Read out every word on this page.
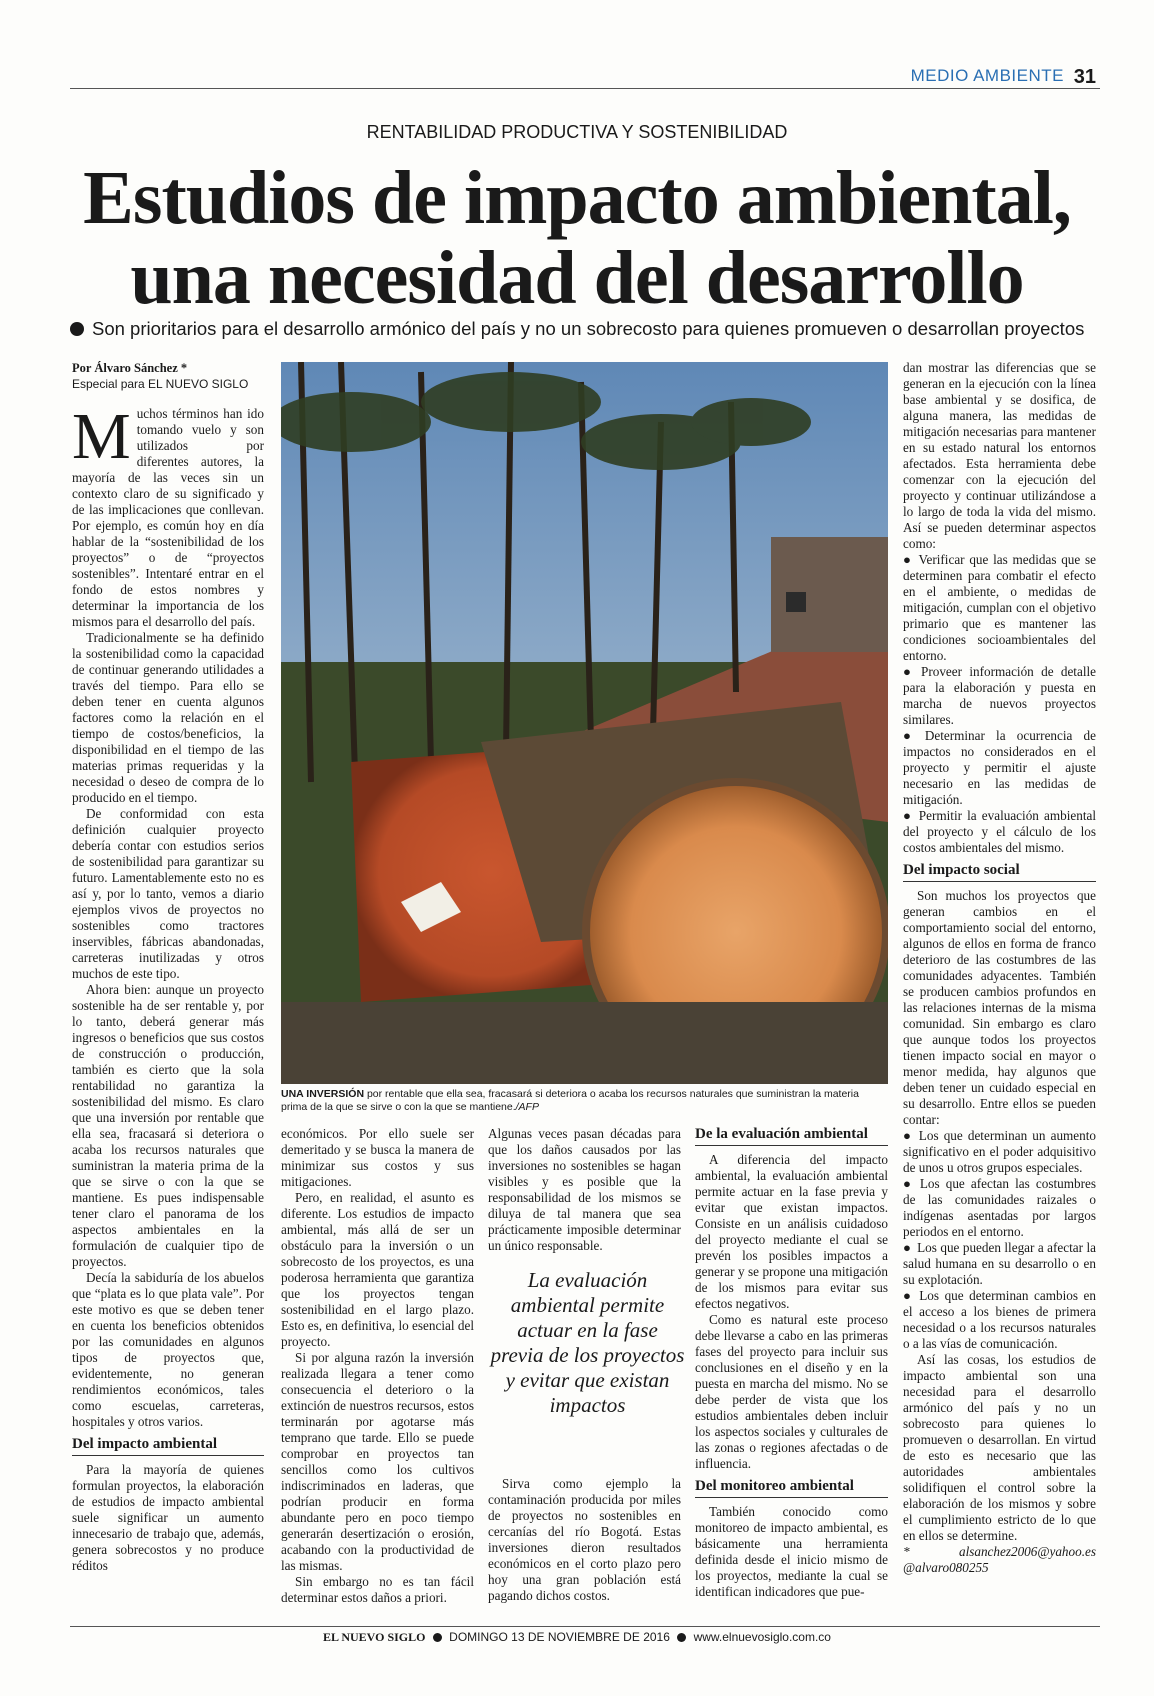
MEDIO AMBIENTE 31
RENTABILIDAD PRODUCTIVA Y SOSTENIBILIDAD
Estudios de impacto ambiental,
una necesidad del desarrollo
Son prioritarios para el desarrollo armónico del país y no un sobrecosto para quienes promueven o desarrollan proyectos
Por Álvaro Sánchez *
Especial para EL NUEVO SIGLO
M uchos términos han ido tomando vuelo y son utilizados por diferentes autores, la mayoría de las veces sin un contexto claro de su significado y de las implicaciones que conllevan. Por ejemplo, es común hoy en día hablar de la “sostenibilidad de los proyectos” o de “proyectos sostenibles”. Intentaré entrar en el fondo de estos nombres y determinar la importancia de los mismos para el desarrollo del país.

Tradicionalmente se ha definido la sostenibilidad como la capacidad de continuar generando utilidades a través del tiempo. Para ello se deben tener en cuenta algunos factores como la relación en el tiempo de costos/beneficios, la disponibilidad en el tiempo de las materias primas requeridas y la necesidad o deseo de compra de lo producido en el tiempo.

De conformidad con esta definición cualquier proyecto debería contar con estudios serios de sostenibilidad para garantizar su futuro. Lamentablemente esto no es así y, por lo tanto, vemos a diario ejemplos vivos de proyectos no sostenibles como tractores inservibles, fábricas abandonadas, carreteras inutilizadas y otros muchos de este tipo.

Ahora bien: aunque un proyecto sostenible ha de ser rentable y, por lo tanto, deberá generar más ingresos o beneficios que sus costos de construcción o producción, también es cierto que la sola rentabilidad no garantiza la sostenibilidad del mismo. Es claro que una inversión por rentable que ella sea, fracasará si deteriora o acaba los recursos naturales que suministran la materia prima de la que se sirve o con la que se mantiene. Es pues indispensable tener claro el panorama de los aspectos ambientales en la formulación de cualquier tipo de proyectos.

Decía la sabiduría de los abuelos que “plata es lo que plata vale”. Por este motivo es que se deben tener en cuenta los beneficios obtenidos por las comunidades en algunos tipos de proyectos que, evidentemente, no generan rendimientos económicos, tales como escuelas, carreteras, hospitales y otros varios.

Del impacto ambiental

Para la mayoría de quienes formulan proyectos, la elaboración de estudios de impacto ambiental suele significar un aumento innecesario de trabajo que, además, genera sobrecostos y no produce réditos

UNA INVERSIÓN por rentable que ella sea, fracasará si deteriora o acaba los recursos naturales que suministran la materia prima de la que se sirve o con la que se mantiene./AFP

económicos. Por ello suele ser demeritado y se busca la manera de minimizar sus costos y sus mitigaciones.

Pero, en realidad, el asunto es diferente. Los estudios de impacto ambiental, más allá de ser un obstáculo para la inversión o un sobrecosto de los proyectos, es una poderosa herramienta que garantiza que los proyectos tengan sostenibilidad en el largo plazo. Esto es, en definitiva, lo esencial del proyecto.

Si por alguna razón la inversión realizada llegara a tener como consecuencia el deterioro o la extinción de nuestros recursos, estos terminarán por agotarse más temprano que tarde. Ello se puede comprobar en proyectos tan sencillos como los cultivos indiscriminados en laderas, que podrían producir en forma abundante pero en poco tiempo generarán desertización o erosión, acabando con la productividad de las mismas.

Sin embargo no es tan fácil determinar estos daños a priori.

Algunas veces pasan décadas para que los daños causados por las inversiones no sostenibles se hagan visibles y es posible que la responsabilidad de los mismos se diluya de tal manera que sea prácticamente imposible determinar un único responsable.

La evaluación ambiental permite actuar en la fase previa de los proyectos y evitar que existan impactos

Sirva como ejemplo la contaminación producida por miles de proyectos no sostenibles en cercanías del río Bogotá. Estas inversiones dieron resultados económicos en el corto plazo pero hoy una gran población está pagando dichos costos.

De la evaluación ambiental

A diferencia del impacto ambiental, la evaluación ambiental permite actuar en la fase previa y evitar que existan impactos. Consiste en un análisis cuidadoso del proyecto mediante el cual se prevén los posibles impactos a generar y se propone una mitigación de los mismos para evitar sus efectos negativos.

Como es natural este proceso debe llevarse a cabo en las primeras fases del proyecto para incluir sus conclusiones en el diseño y en la puesta en marcha del mismo. No se debe perder de vista que los estudios ambientales deben incluir los aspectos sociales y culturales de las zonas o regiones afectadas o de influencia.

Del monitoreo ambiental

También conocido como monitoreo de impacto ambiental, es básicamente una herramienta definida desde el inicio mismo de los proyectos, mediante la cual se identifican indicadores que pue-

dan mostrar las diferencias que se generan en la ejecución con la línea base ambiental y se dosifica, de alguna manera, las medidas de mitigación necesarias para mantener en su estado natural los entornos afectados. Esta herramienta debe comenzar con la ejecución del proyecto y continuar utilizándose a lo largo de toda la vida del mismo. Así se pueden determinar aspectos como:

● Verificar que las medidas que se determinen para combatir el efecto en el ambiente, o medidas de mitigación, cumplan con el objetivo primario que es mantener las condiciones socioambientales del entorno.

● Proveer información de detalle para la elaboración y puesta en marcha de nuevos proyectos similares.

● Determinar la ocurrencia de impactos no considerados en el proyecto y permitir el ajuste necesario en las medidas de mitigación.

● Permitir la evaluación ambiental del proyecto y el cálculo de los costos ambientales del mismo.

Del impacto social

Son muchos los proyectos que generan cambios en el comportamiento social del entorno, algunos de ellos en forma de franco deterioro de las costumbres de las comunidades adyacentes. También se producen cambios profundos en las relaciones internas de la misma comunidad. Sin embargo es claro que aunque todos los proyectos tienen impacto social en mayor o menor medida, hay algunos que deben tener un cuidado especial en su desarrollo. Entre ellos se pueden contar:

● Los que determinan un aumento significativo en el poder adquisitivo de unos u otros grupos especiales.

● Los que afectan las costumbres de las comunidades raizales o indígenas asentadas por largos periodos en el entorno.

● Los que pueden llegar a afectar la salud humana en su desarrollo o en su explotación.

● Los que determinan cambios en el acceso a los bienes de primera necesidad o a los recursos naturales o a las vías de comunicación.

Así las cosas, los estudios de impacto ambiental son una necesidad para el desarrollo armónico del país y no un sobrecosto para quienes lo promueven o desarrollan. En virtud de esto es necesario que las autoridades ambientales solidifiquen el control sobre la elaboración de los mismos y sobre el cumplimiento estricto de lo que en ellos se determine.

* alsanchez2006@yahoo.es @alvaro080255

EL NUEVO SIGLO DOMINGO 13 DE NOVIEMBRE DE 2016 www.elnuevosiglo.com.co
